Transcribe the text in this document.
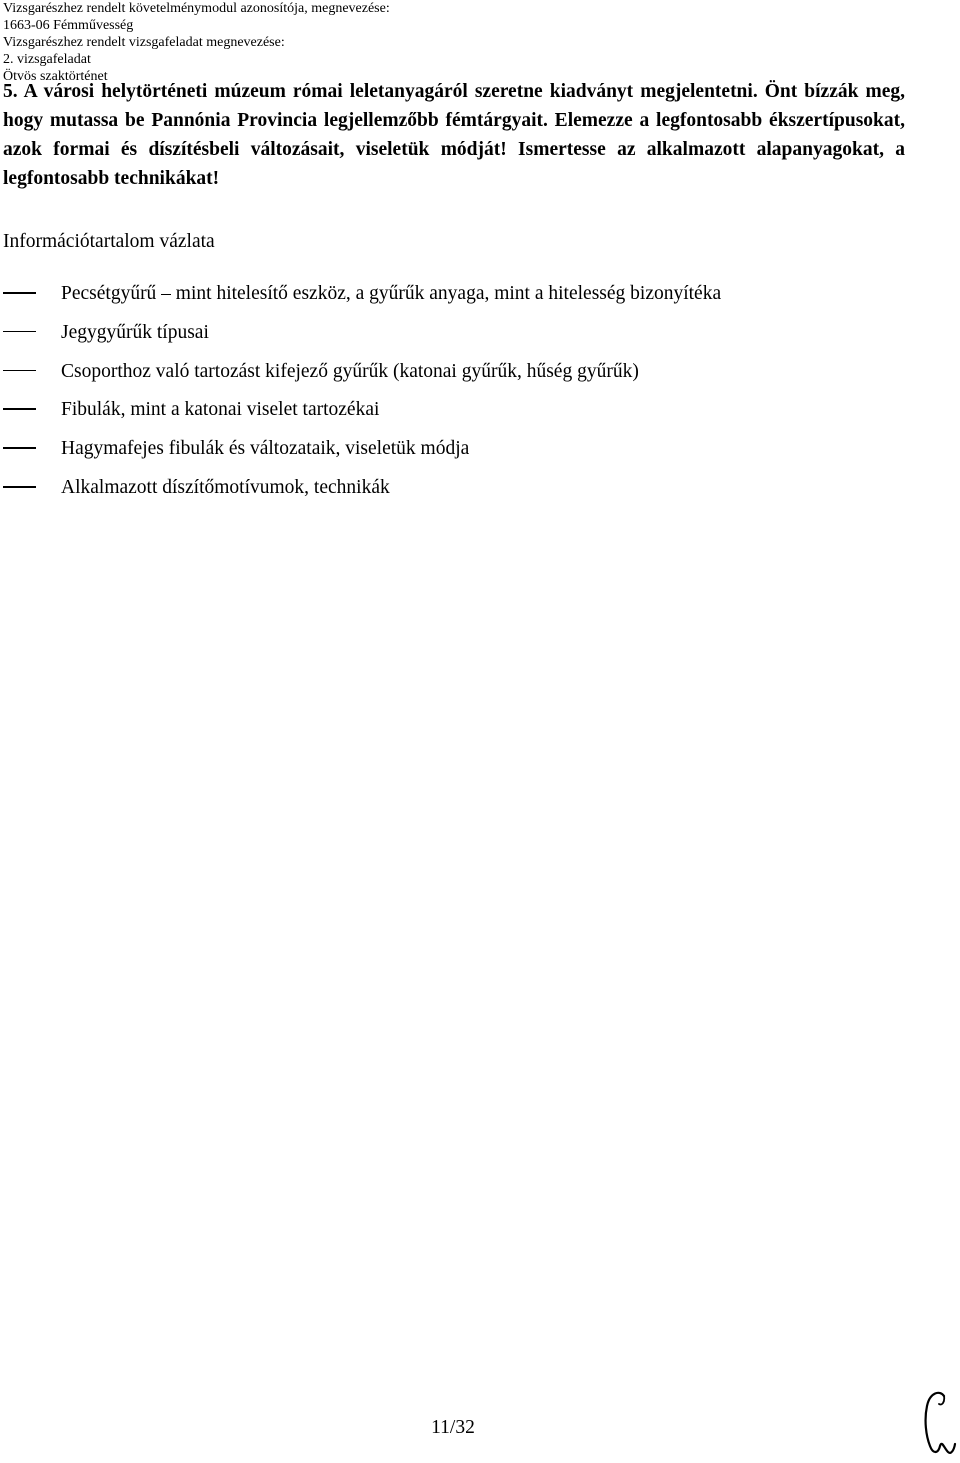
Vizsgarészhez rendelt követelménymodul azonosítója, megnevezése:
1663-06 Fémművesség
Vizsgarészhez rendelt vizsgafeladat megnevezése:
2. vizsgafeladat
Ötvös szaktörténet
5. A városi helytörténeti múzeum római leletanyagáról szeretne kiadványt megjelentetni. Önt bízzák meg, hogy mutassa be Pannónia Provincia legjellemzőbb fémtárgyait. Elemezze a legfontosabb ékszertípusokat, azok formai és díszítésbeli változásait, viseletük módját! Ismertesse az alkalmazott alapanyagokat, a legfontosabb technikákat!
Információtartalom vázlata
Pecsétgyűrű – mint hitelesítő eszköz, a gyűrűk anyaga, mint a hitelesség bizonyítéka
Jegygyűrűk típusai
Csoporthoz való tartozást kifejező gyűrűk (katonai gyűrűk, hűség gyűrűk)
Fibulák, mint a katonai viselet tartozékai
Hagymafejes fibulák és változataik, viseletük módja
Alkalmazott díszítőmotívumok, technikák
11/32
